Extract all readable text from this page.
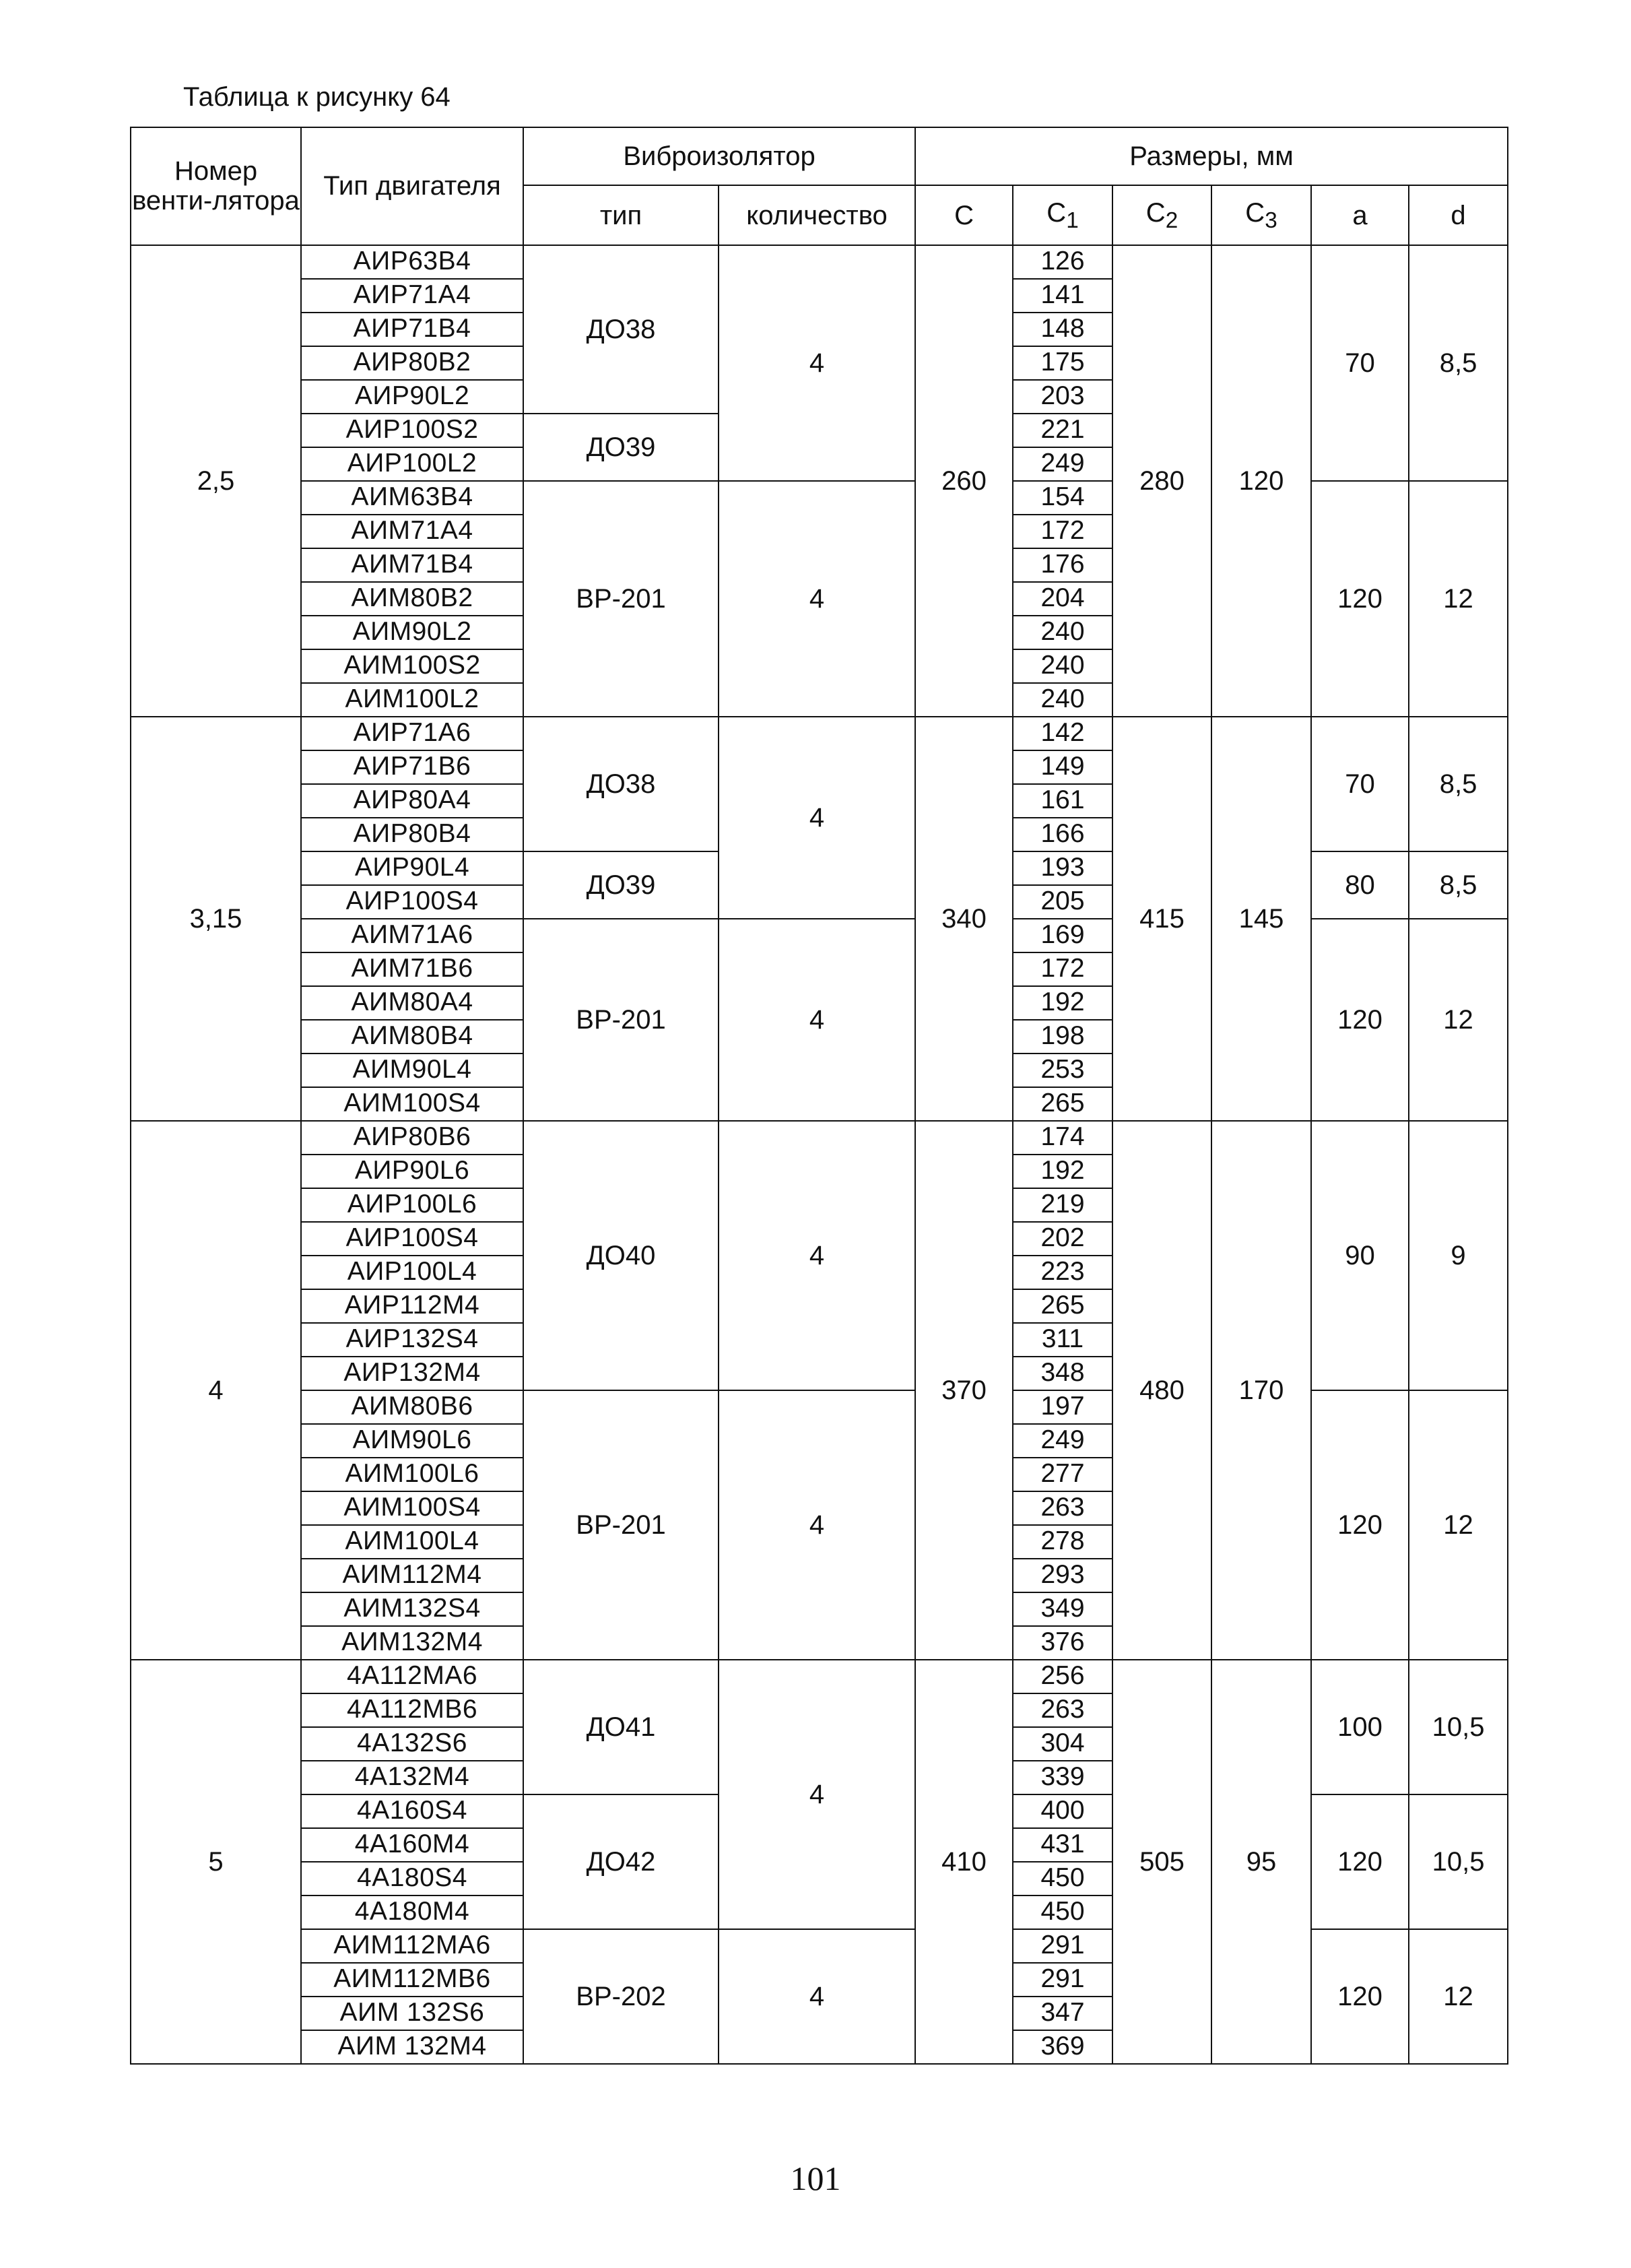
Таблица к рисунку 64
Номер венти-лятора	Тип двигателя	Виброизолятор		Размеры, мм					
		тип	количество	С	$С_1$	$С_2$	$С_3$	а	d
2,5	АИР63В4	ДО38	4	260	126	280	120	70	8,5
	АИР71А4				141				
	АИР71В4				148				
	АИР80В2				175				
	АИР90L2				203				
	АИР100S2	ДО39			221				
	АИР100L2				249				
	АИМ63В4	ВР-201	4		154			120	12
	АИМ71А4				172				
	АИМ71В4				176				
	АИМ80В2				204				
	АИМ90L2				240				
	АИМ100S2				240				
	АИМ100L2				240				
3,15	АИР71А6	ДО38	4	340	142	415	145	70	8,5
	АИР71В6				149				
	АИР80А4				161				
	АИР80В4				166				
	АИР90L4	ДО39			193			80	8,5
	АИР100S4				205				
	АИМ71А6	ВР-201	4		169			120	12
	АИМ71В6				172				
	АИМ80А4				192				
	АИМ80В4				198				
	АИМ90L4				253				
	АИМ100S4				265				
4	АИР80В6	ДО40	4	370	174	480	170	90	9
	АИР90L6				192				
	АИР100L6				219				
	АИР100S4				202				
	АИР100L4				223				
	АИР112М4				265				
	АИР132S4				311				
	АИР132М4				348				
	АИМ80В6	ВР-201	4		197			120	12
	АИМ90L6				249				
	АИМ100L6				277				
	АИМ100S4				263				
	АИМ100L4				278				
	АИМ112М4				293				
	АИМ132S4				349				
	АИМ132М4				376				
5	4А112МА6	ДО41	4	410	256	505	95	100	10,5
	4А112МВ6				263				
	4А132S6				304				
	4А132М4				339				
	4А160S4	ДО42			400			120	10,5
	4А160М4				431				
	4А180S4				450				
	4А180М4				450				
	АИМ112МА6	ВР-202	4		291			120	12
	АИМ112МВ6				291				
	АИМ 132S6				347				
	АИМ 132М4				369				
101
